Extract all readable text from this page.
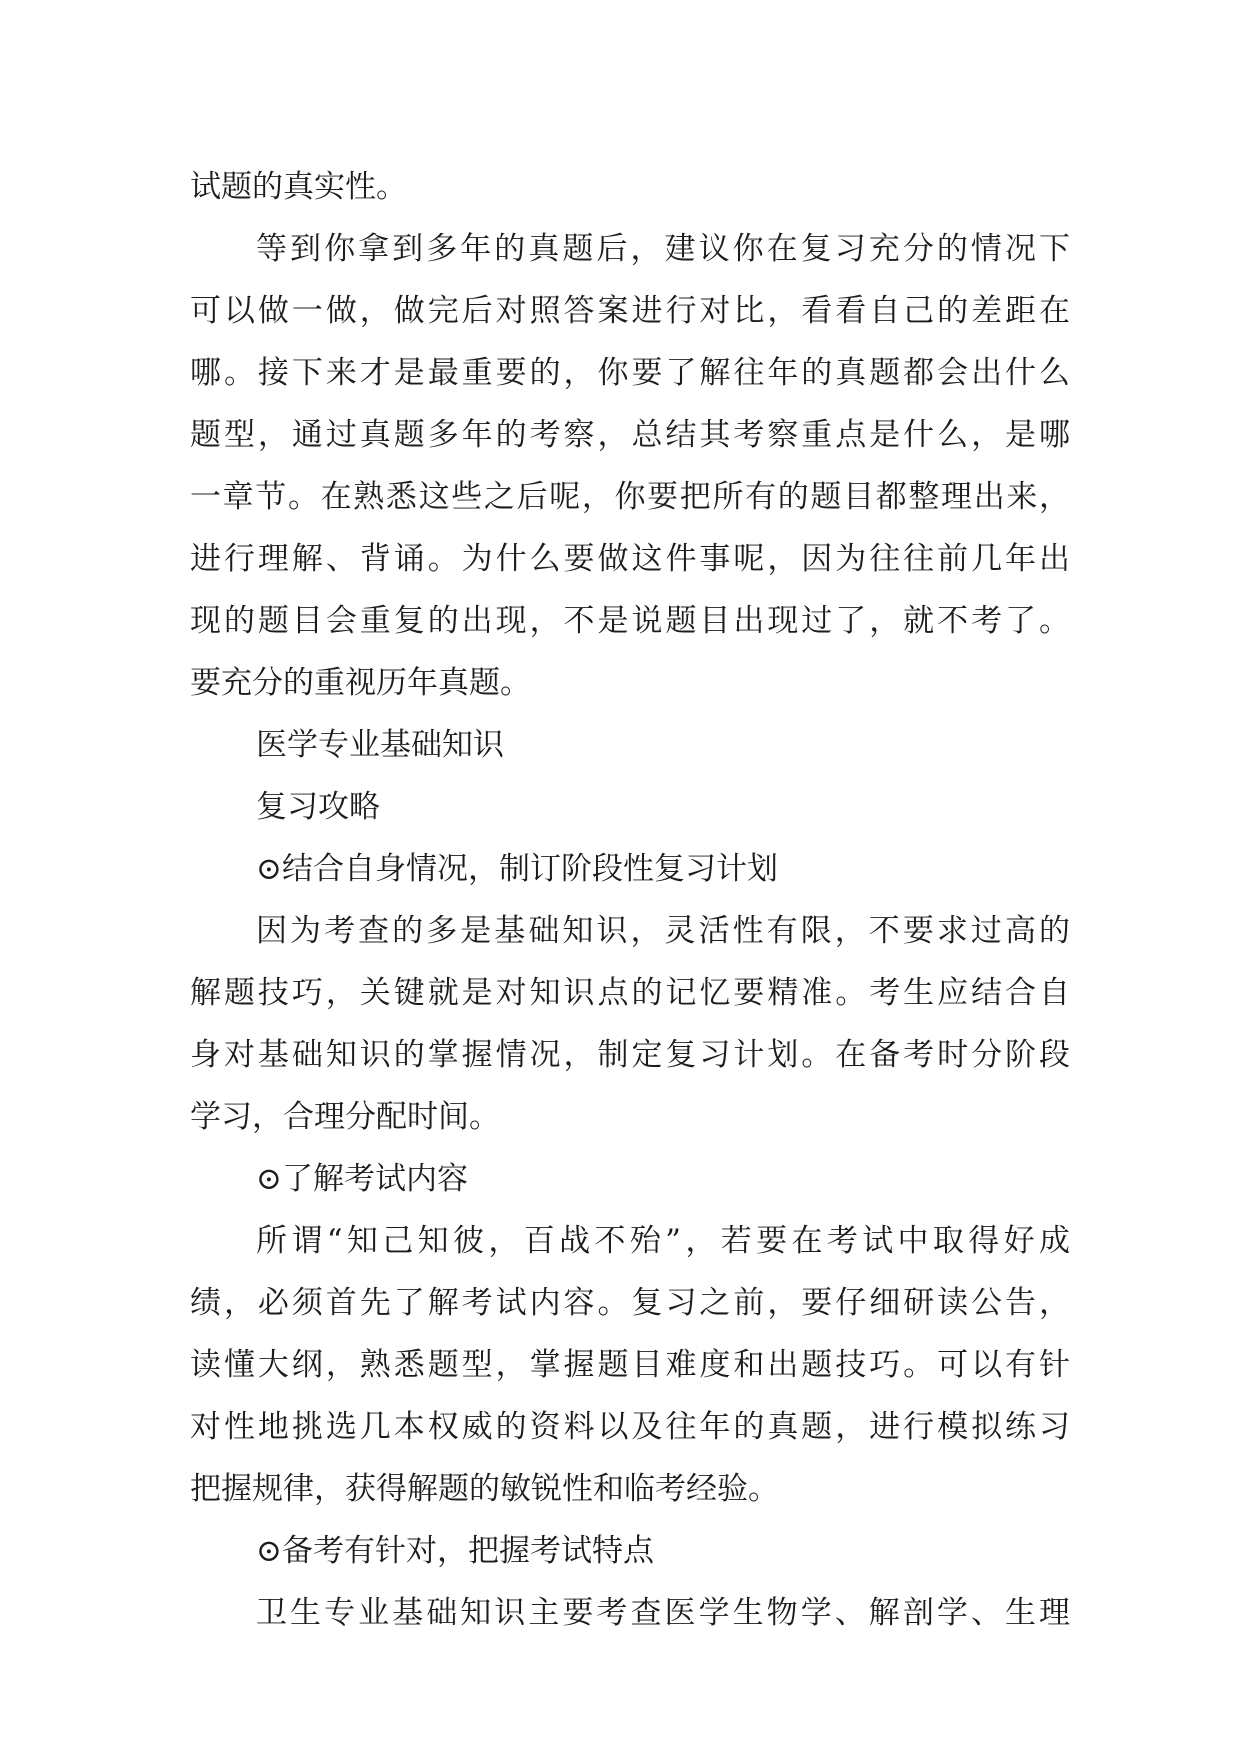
试题的真实性。
等到你拿到多年的真题后，建议你在复习充分的情况下
可以做一做，做完后对照答案进行对比，看看自己的差距在
哪。接下来才是最重要的，你要了解往年的真题都会出什么
题型，通过真题多年的考察，总结其考察重点是什么，是哪
一章节。在熟悉这些之后呢，你要把所有的题目都整理出来，
进行理解、背诵。为什么要做这件事呢，因为往往前几年出
现的题目会重复的出现，不是说题目出现过了，就不考了。
要充分的重视历年真题。
医学专业基础知识
复习攻略
⊙结合自身情况，制订阶段性复习计划
因为考查的多是基础知识，灵活性有限，不要求过高的
解题技巧，关键就是对知识点的记忆要精准。考生应结合自
身对基础知识的掌握情况，制定复习计划。在备考时分阶段
学习，合理分配时间。
⊙了解考试内容
所谓“知己知彼，百战不殆”，若要在考试中取得好成
绩，必须首先了解考试内容。复习之前，要仔细研读公告，
读懂大纲，熟悉题型，掌握题目难度和出题技巧。可以有针
对性地挑选几本权威的资料以及往年的真题，进行模拟练习
把握规律，获得解题的敏锐性和临考经验。
⊙备考有针对，把握考试特点
卫生专业基础知识主要考查医学生物学、解剖学、生理
